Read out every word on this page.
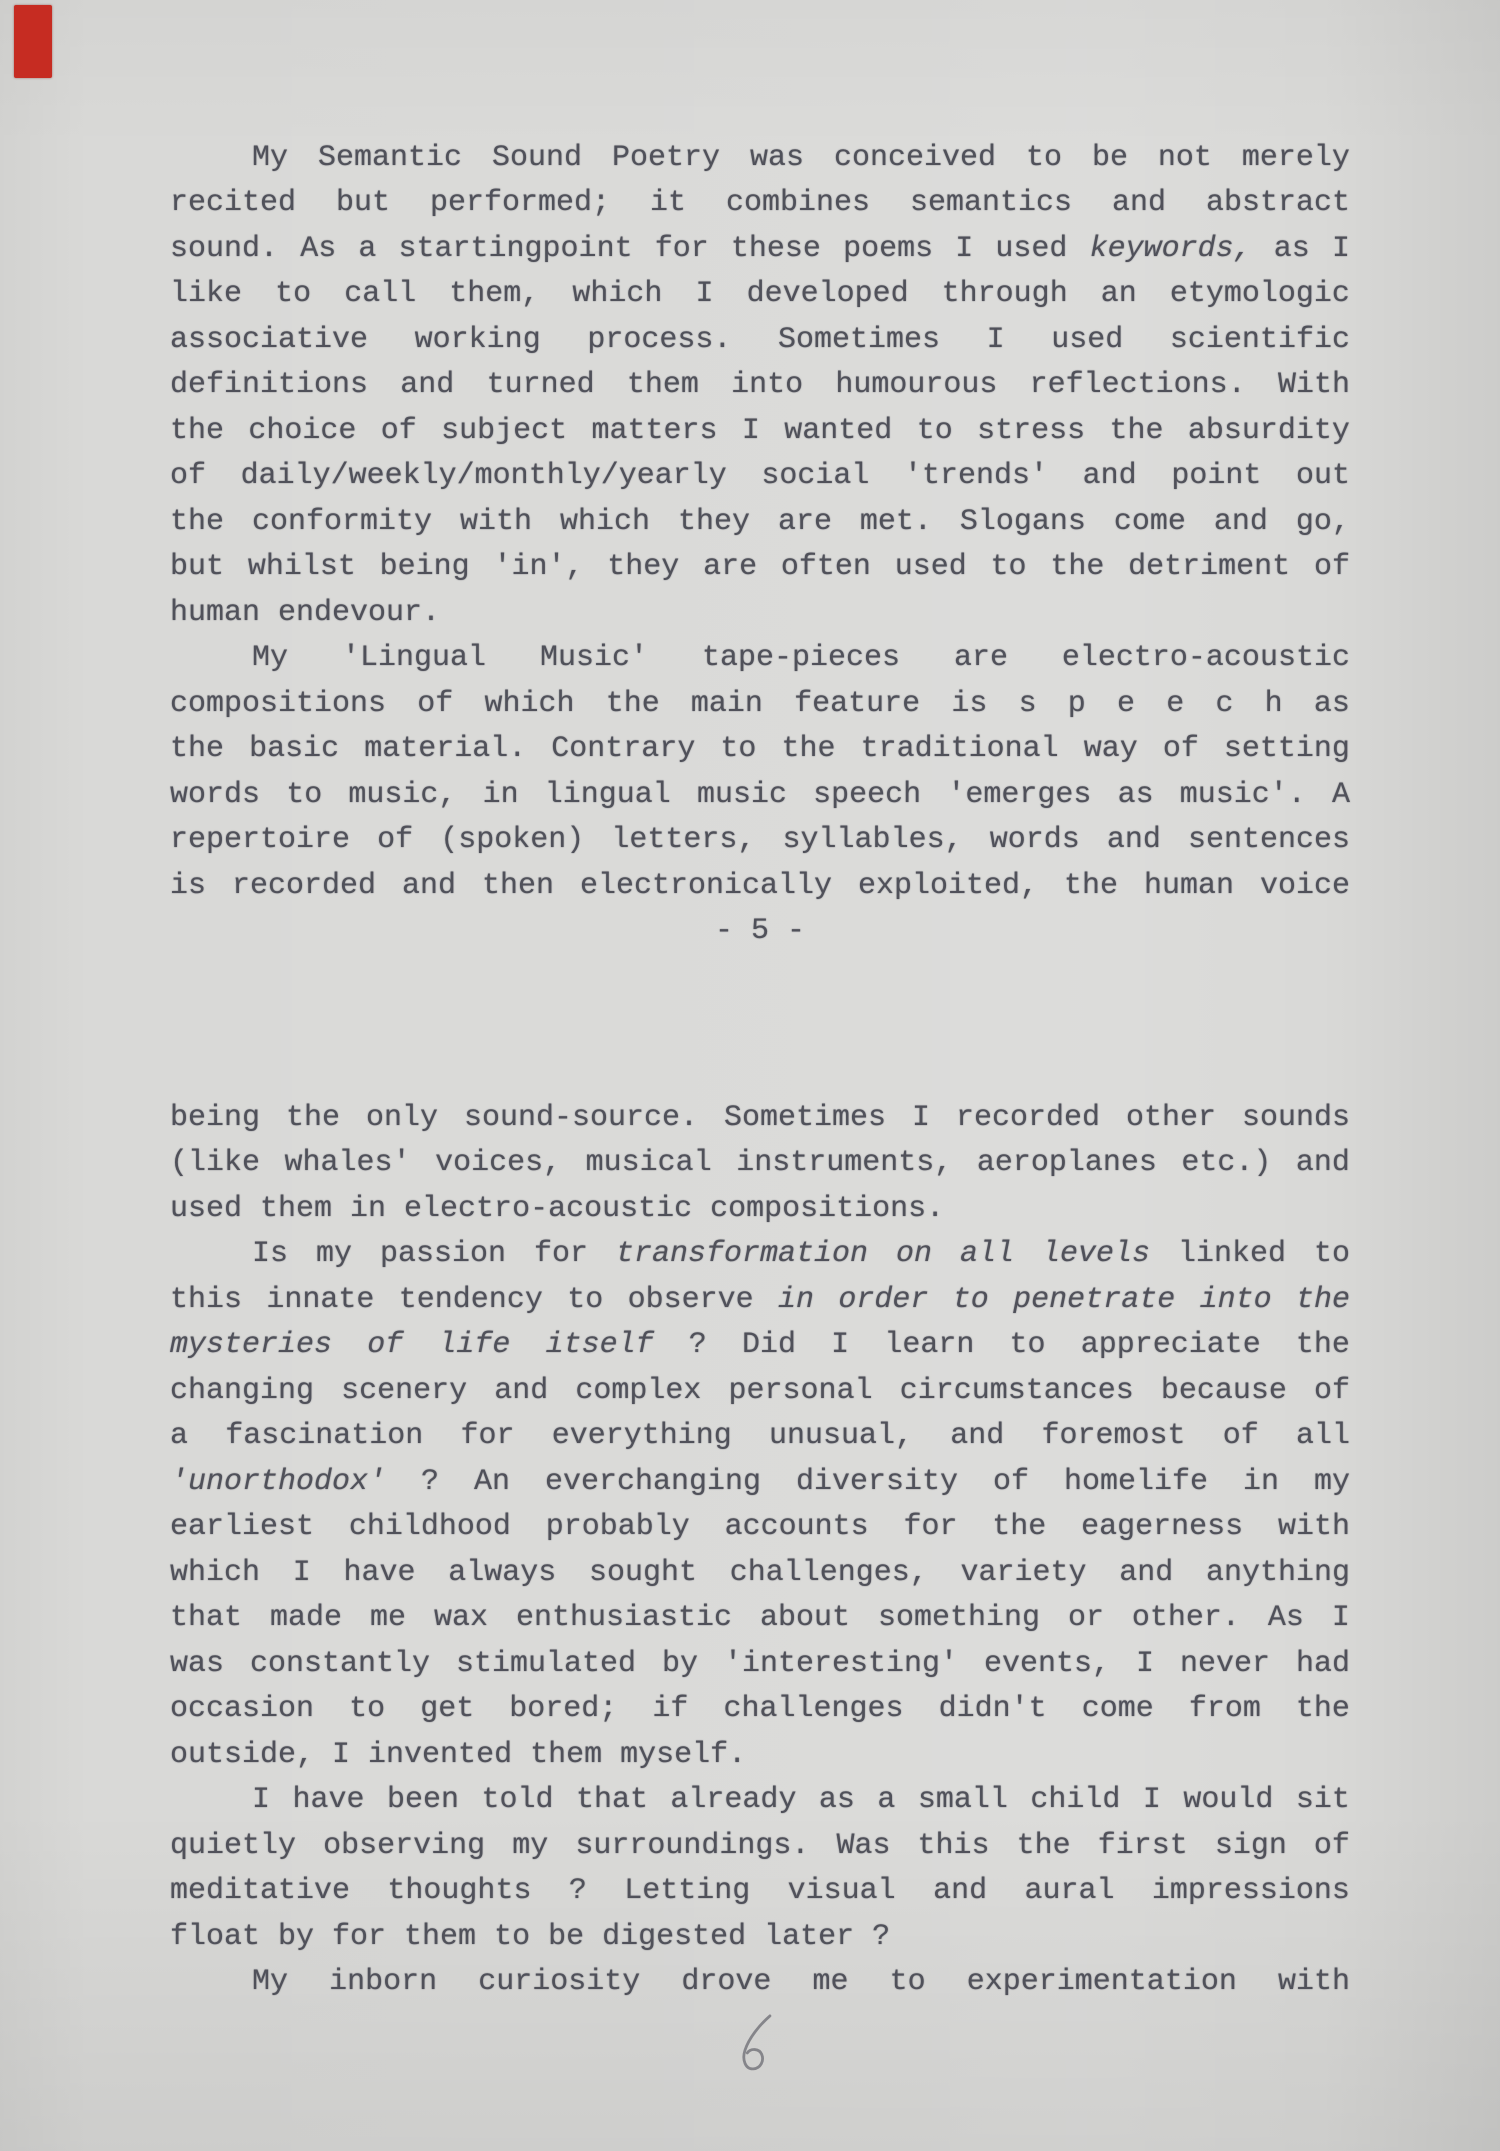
My Semantic Sound Poetry was conceived to be not merely
recited but performed; it combines semantics and abstract
sound. As a startingpoint for these poems I used keywords, as I
like to call them, which I developed through an etymologic
associative working process. Sometimes I used scientific
definitions and turned them into humourous reflections. With
the choice of subject matters I wanted to stress the absurdity
of daily/weekly/monthly/yearly social 'trends' and point out
the conformity with which they are met. Slogans come and go,
but whilst being 'in', they are often used to the detriment of
human endevour.
My 'Lingual Music' tape-pieces are electro-acoustic
compositions of which the main feature is s p e e c h as
the basic material. Contrary to the traditional way of setting
words to music, in lingual music speech 'emerges as music'. A
repertoire of (spoken) letters, syllables, words and sentences
is recorded and then electronically exploited, the human voice
- 5 -
being the only sound-source. Sometimes I recorded other sounds
(like whales' voices, musical instruments, aeroplanes etc.) and
used them in electro-acoustic compositions.
Is my passion for transformation on all levels linked to
this innate tendency to observe in order to penetrate into the
mysteries of life itself ? Did I learn to appreciate the
changing scenery and complex personal circumstances because of
a fascination for everything unusual, and foremost of all
'unorthodox' ? An everchanging diversity of homelife in my
earliest childhood probably accounts for the eagerness with
which I have always sought challenges, variety and anything
that made me wax enthusiastic about something or other. As I
was constantly stimulated by 'interesting' events, I never had
occasion to get bored; if challenges didn't come from the
outside, I invented them myself.
I have been told that already as a small child I would sit
quietly observing my surroundings. Was this the first sign of
meditative thoughts ? Letting visual and aural impressions
float by for them to be digested later ?
My inborn curiosity drove me to experimentation with
